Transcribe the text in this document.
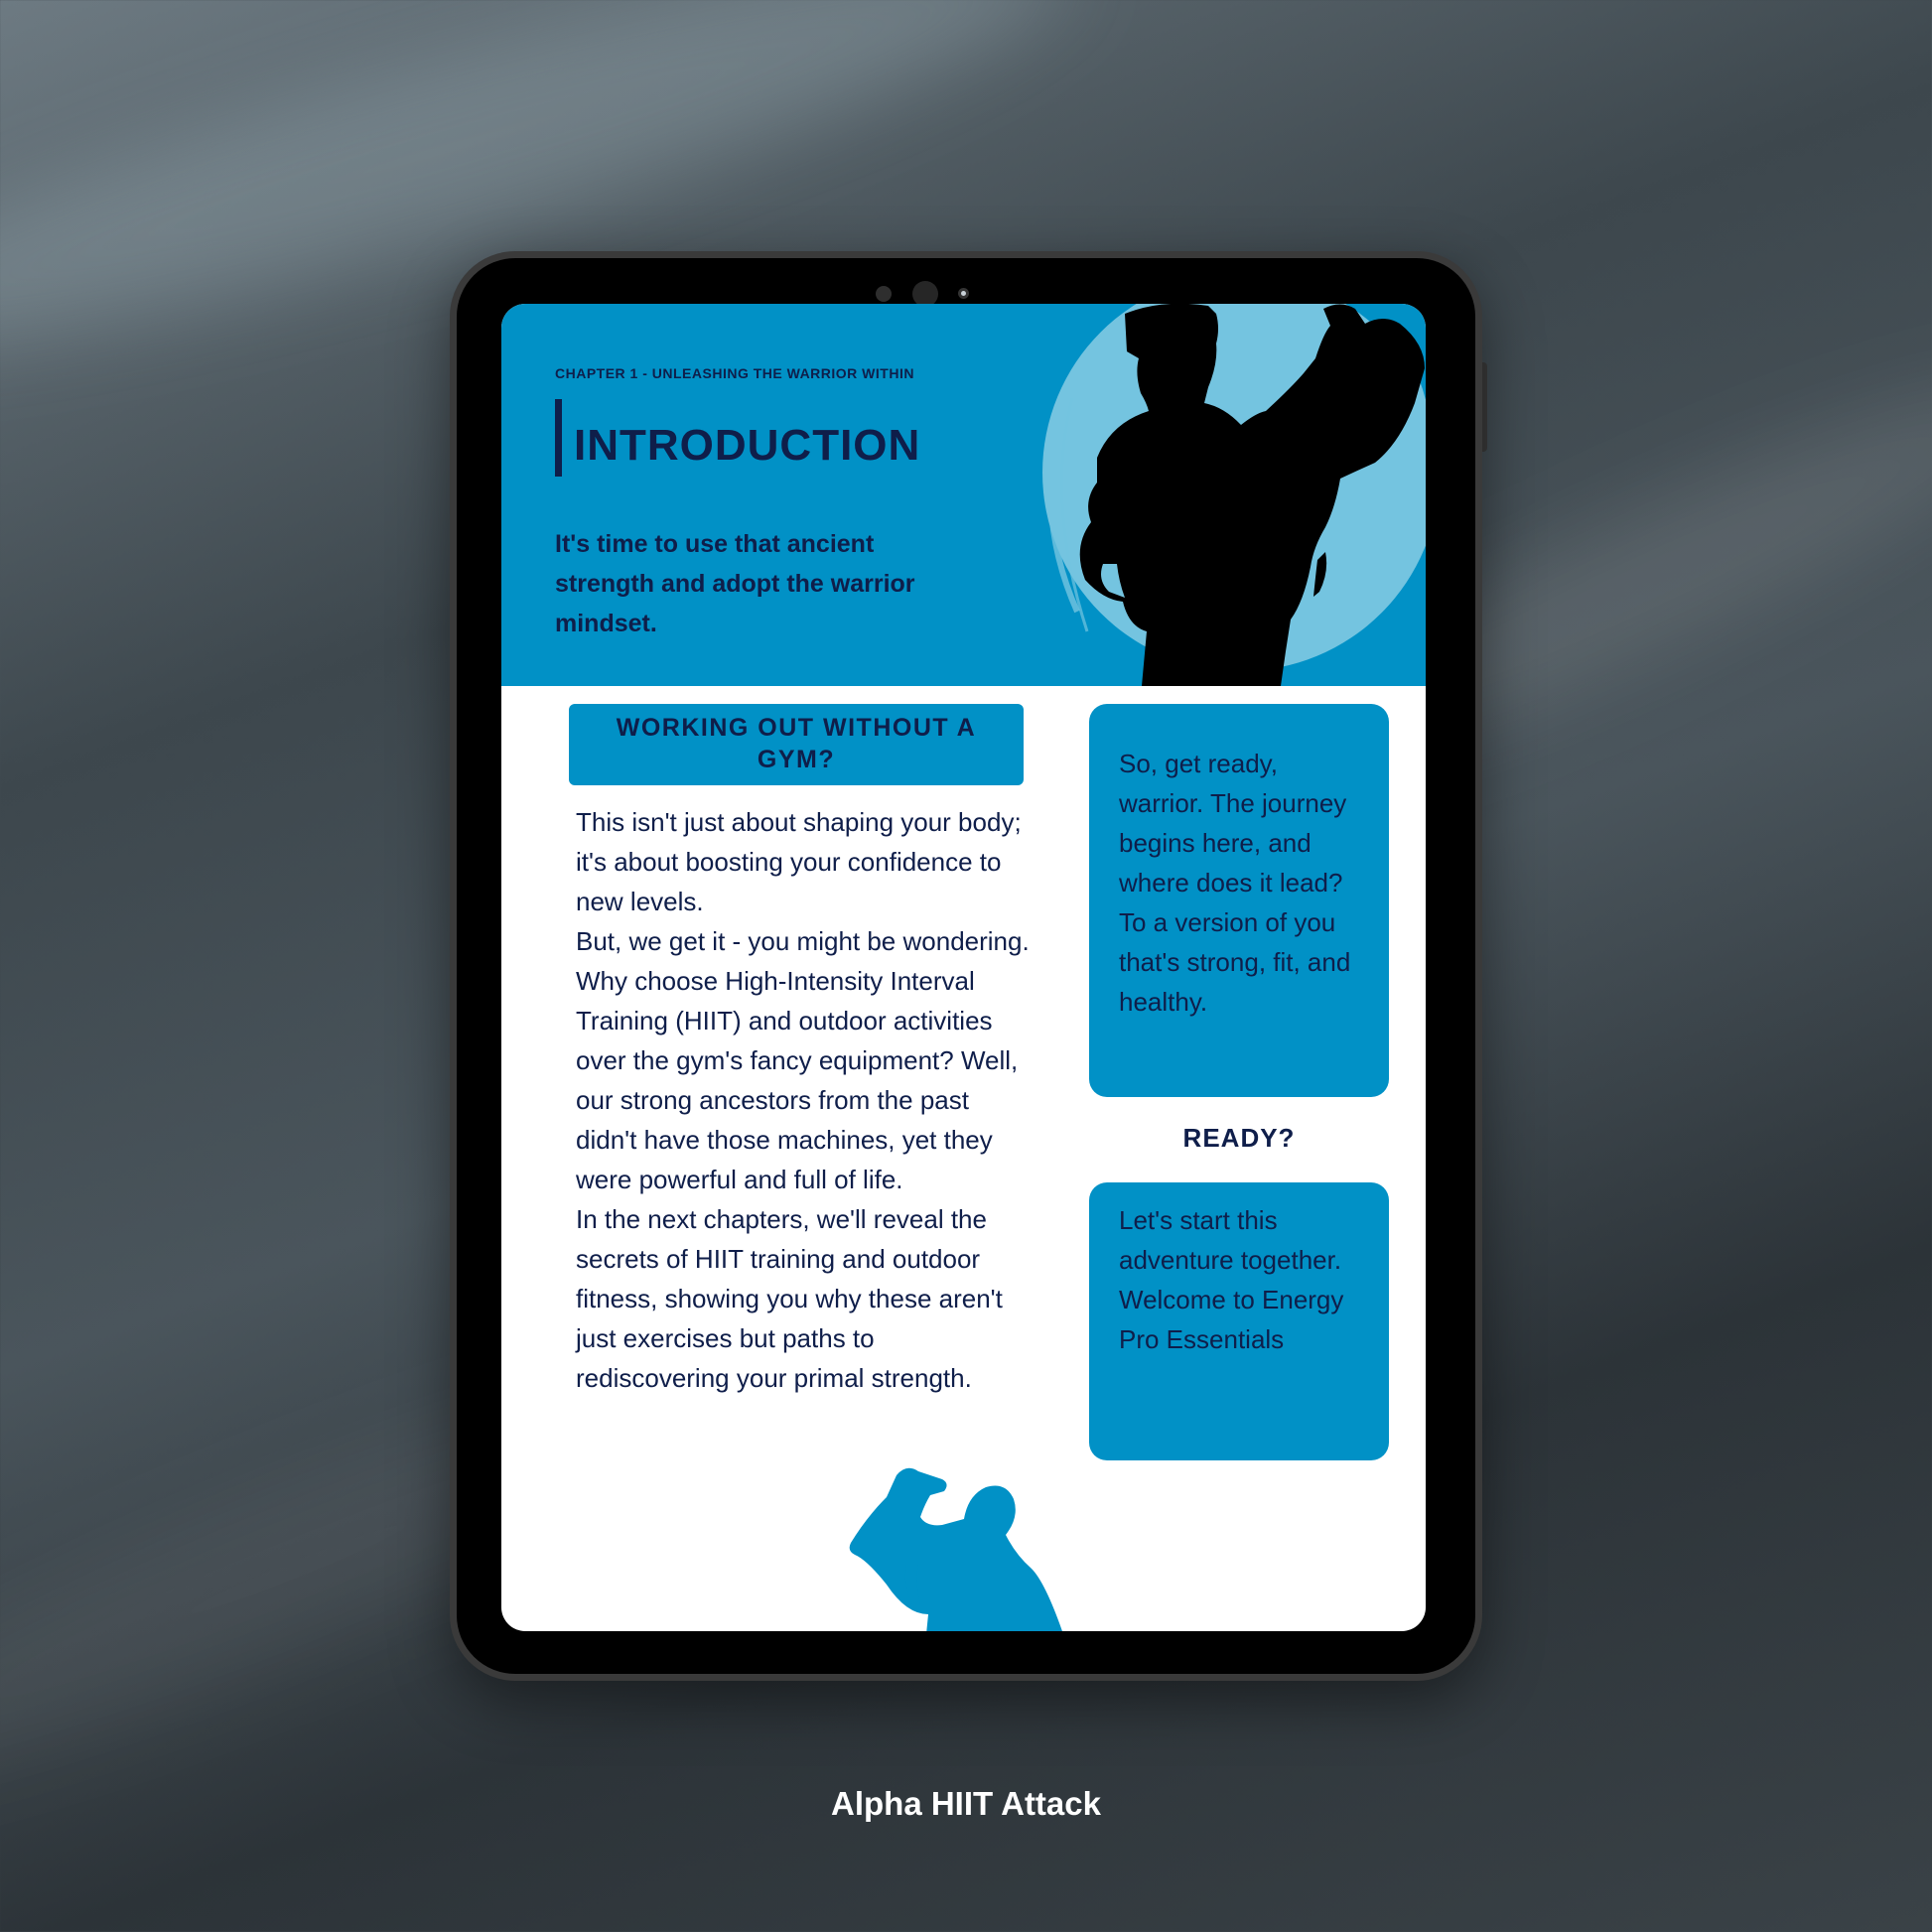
CHAPTER 1 - UNLEASHING THE WARRIOR WITHIN
INTRODUCTION
It's time to use that ancient strength and adopt the warrior mindset.
WORKING OUT WITHOUT A GYM?

This isn't just about shaping your body; it's about boosting your confidence to new levels.

But, we get it - you might be wondering. Why choose High-Intensity Interval Training (HIIT) and outdoor activities over the gym's fancy equipment? Well, our strong ancestors from the past didn't have those machines, yet they were powerful and full of life.

In the next chapters, we'll reveal the secrets of HIIT training and outdoor fitness, showing you why these aren't just exercises but paths to rediscovering your primal strength.

So, get ready, warrior. The journey begins here, and where does it lead? To a version of you that's strong, fit, and healthy.
READY?
Let's start this adventure together. Welcome to Energy Pro Essentials
Alpha HIIT Attack
